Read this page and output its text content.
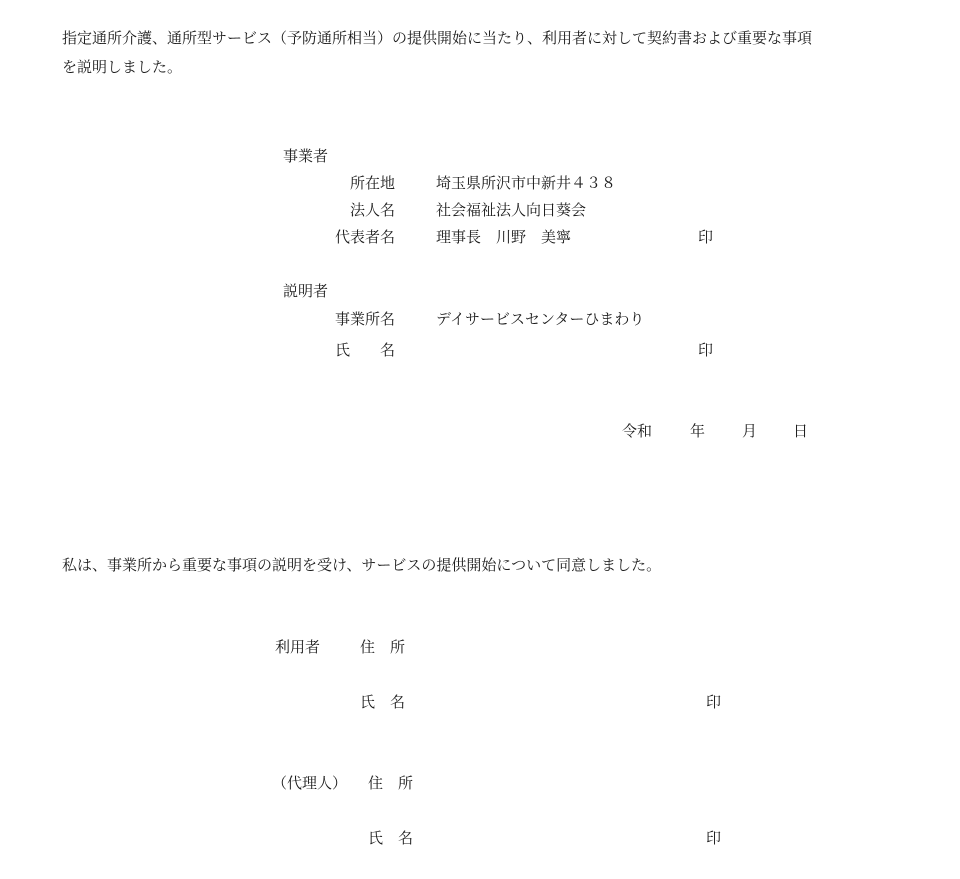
指定通所介護、通所型サービス（予防通所相当）の提供開始に当たり、利用者に対して契約書および重要な事項
を説明しました。
事業者
所在地	埼玉県所沢市中新井４３８
法人名	社会福祉法人向日葵会
代表者名	理事長　川野　美寧	印
説明者
事業所名	デイサービスセンターひまわり
氏　　名	印
令和	年 月 日
私は、事業所から重要な事項の説明を受け、サービスの提供開始について同意しました。
利用者	住　所
氏　名	印
（代理人） 住　所
氏　名	印
